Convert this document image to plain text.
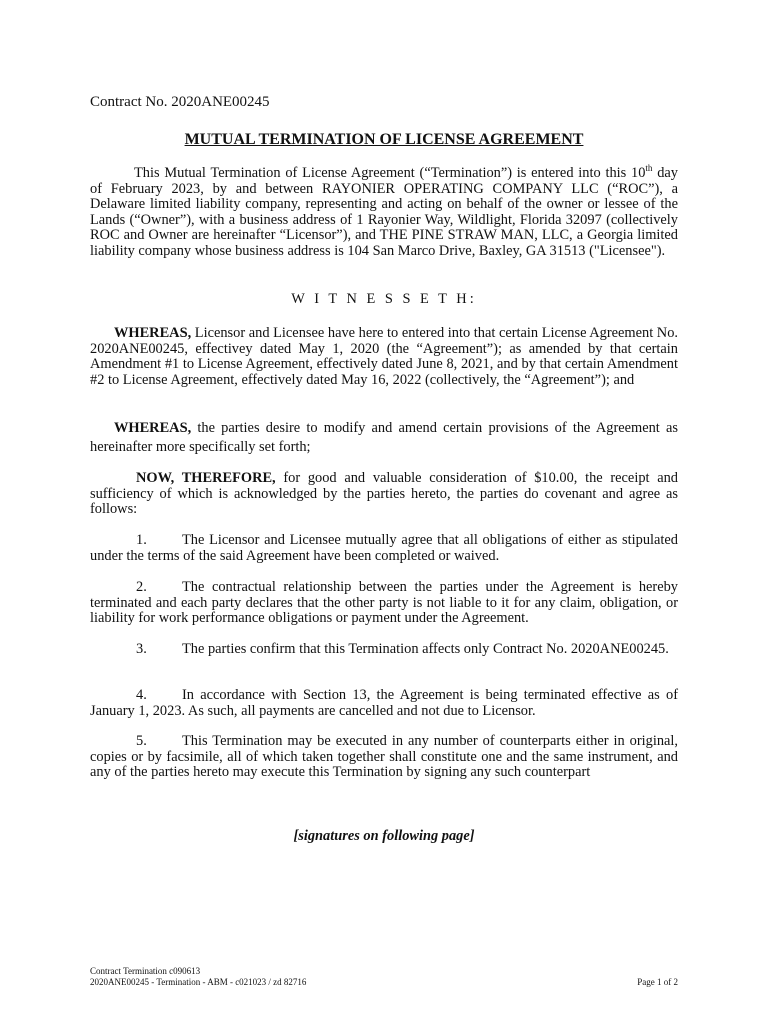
Contract No. 2020ANE00245
MUTUAL TERMINATION OF LICENSE AGREEMENT
This Mutual Termination of License Agreement (“Termination”) is entered into this 10th day of February 2023, by and between RAYONIER OPERATING COMPANY LLC (“ROC”), a Delaware limited liability company, representing and acting on behalf of the owner or lessee of the Lands (“Owner”), with a business address of 1 Rayonier Way, Wildlight, Florida 32097 (collectively ROC and Owner are hereinafter “Licensor”), and THE PINE STRAW MAN, LLC, a Georgia limited liability company whose business address is 104 San Marco Drive, Baxley, GA 31513 ("Licensee").
W I T N E S S E T H:
WHEREAS, Licensor and Licensee have here to entered into that certain License Agreement No. 2020ANE00245, effectivey dated May 1, 2020 (the “Agreement”); as amended by that certain Amendment #1 to License Agreement, effectively dated June 8, 2021, and by that certain Amendment #2 to License Agreement, effectively dated May 16, 2022 (collectively, the “Agreement”); and
WHEREAS, the parties desire to modify and amend certain provisions of the Agreement as hereinafter more specifically set forth;
NOW, THEREFORE, for good and valuable consideration of $10.00, the receipt and sufficiency of which is acknowledged by the parties hereto, the parties do covenant and agree as follows:
1. The Licensor and Licensee mutually agree that all obligations of either as stipulated under the terms of the said Agreement have been completed or waived.
2. The contractual relationship between the parties under the Agreement is hereby terminated and each party declares that the other party is not liable to it for any claim, obligation, or liability for work performance obligations or payment under the Agreement.
3. The parties confirm that this Termination affects only Contract No. 2020ANE00245.
4. In accordance with Section 13, the Agreement is being terminated effective as of January 1, 2023. As such, all payments are cancelled and not due to Licensor.
5. This Termination may be executed in any number of counterparts either in original, copies or by facsimile, all of which taken together shall constitute one and the same instrument, and any of the parties hereto may execute this Termination by signing any such counterpart
[signatures on following page]
Contract Termination c090613
2020ANE00245 - Termination - ABM - c021023 / zd 82716	Page 1 of 2
